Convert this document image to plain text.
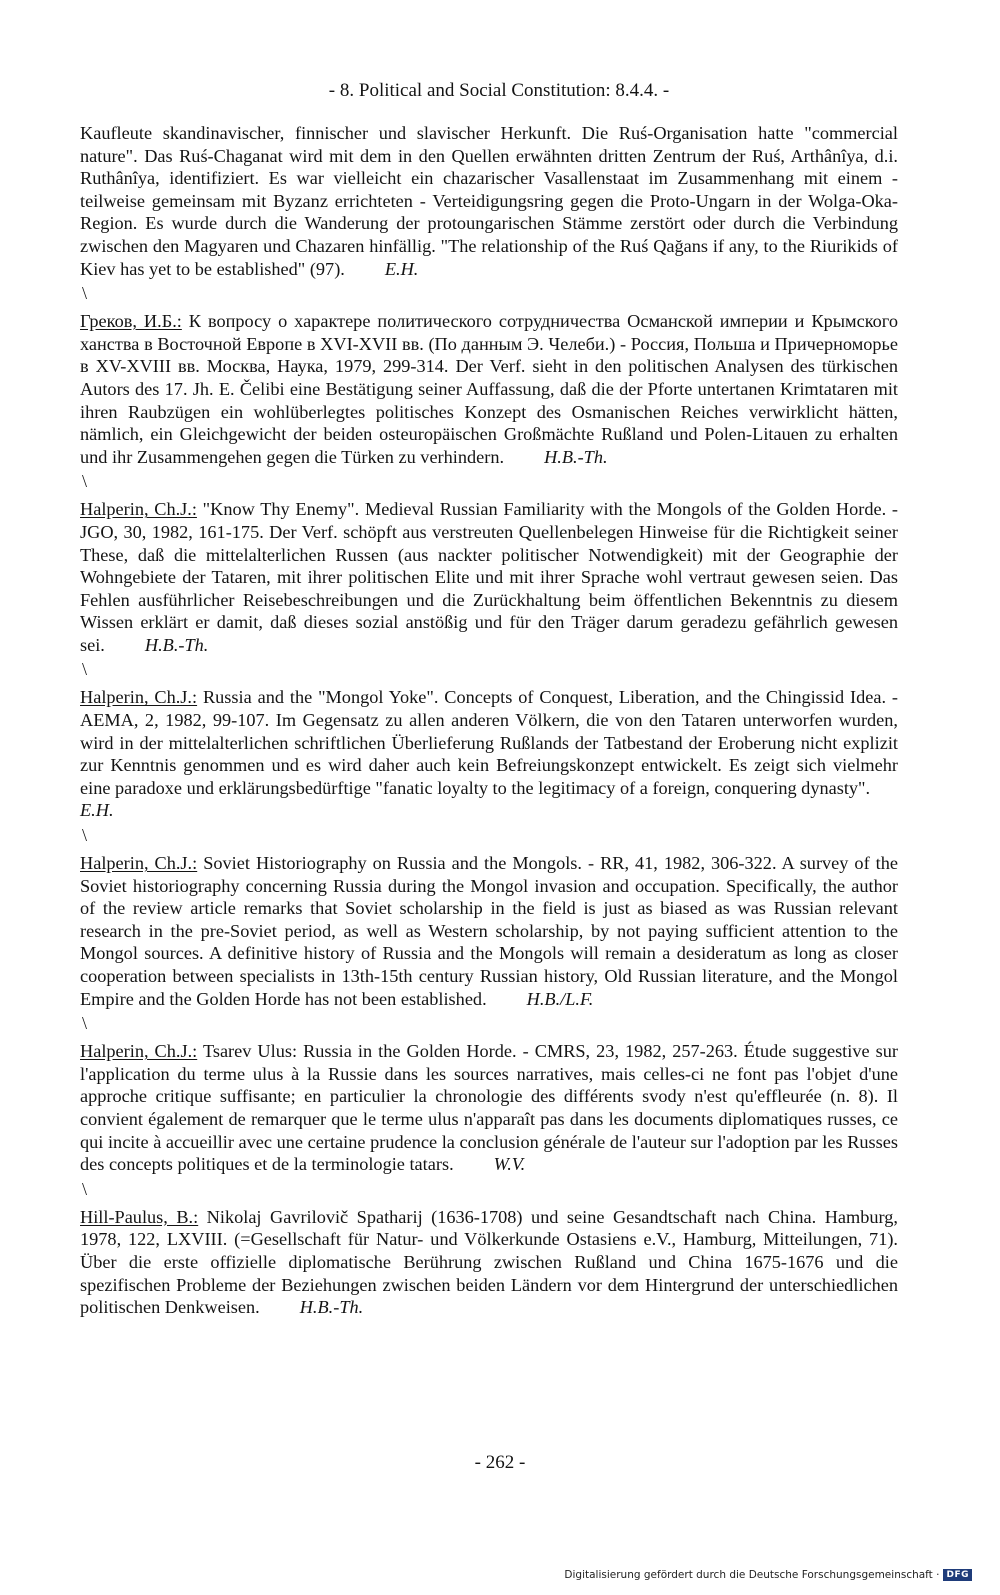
- 8. Political and Social Constitution: 8.4.4. -

Kaufleute skandinavischer, finnischer und slavischer Herkunft. Die Ruś-Organisation hatte "commercial nature". Das Ruś-Chaganat wird mit dem in den Quellen erwähnten dritten Zentrum der Ruś, Arthânîya, d.i. Ruthânîya, identifiziert. Es war vielleicht ein chazarischer Vasallenstaat im Zusammenhang mit einem - teilweise gemeinsam mit Byzanz errichteten - Verteidigungsring gegen die Proto-Ungarn in der Wolga-Oka-Region. Es wurde durch die Wanderung der protoungarischen Stämme zerstört oder durch die Verbindung zwischen den Magyaren und Chazaren hinfällig. "The relationship of the Ruś Qağans if any, to the Riurikids of Kiev has yet to be established" (97). E.H.

\

Греков, И.Б.: К вопросу о характере политического сотрудничества Османской империи и Крымского ханства в Восточной Европе в XVI-XVII вв. (По данным Э. Челеби.) - Россия, Польша и Причерноморье в XV-XVIII вв. Москва, Наука, 1979, 299-314. Der Verf. sieht in den politischen Analysen des türkischen Autors des 17. Jh. E. Čelibi eine Bestätigung seiner Auffassung, daß die der Pforte untertanen Krimtataren mit ihren Raubzügen ein wohlüberlegtes politisches Konzept des Osmanischen Reiches verwirklicht hätten, nämlich, ein Gleichgewicht der beiden osteuropäischen Großmächte Rußland und Polen-Litauen zu erhalten und ihr Zusammengehen gegen die Türken zu verhindern. H.B.-Th.

\

Halperin, Ch.J.: "Know Thy Enemy". Medieval Russian Familiarity with the Mongols of the Golden Horde. - JGO, 30, 1982, 161-175. Der Verf. schöpft aus verstreuten Quellenbelegen Hinweise für die Richtigkeit seiner These, daß die mittelalterlichen Russen (aus nackter politischer Notwendigkeit) mit der Geographie der Wohngebiete der Tataren, mit ihrer politischen Elite und mit ihrer Sprache wohl vertraut gewesen seien. Das Fehlen ausführlicher Reisebeschreibungen und die Zurückhaltung beim öffentlichen Bekenntnis zu diesem Wissen erklärt er damit, daß dieses sozial anstößig und für den Träger darum geradezu gefährlich gewesen sei. H.B.-Th.

\

Halperin, Ch.J.: Russia and the "Mongol Yoke". Concepts of Conquest, Liberation, and the Chingissid Idea. - AEMA, 2, 1982, 99-107. Im Gegensatz zu allen anderen Völkern, die von den Tataren unterworfen wurden, wird in der mittelalterlichen schriftlichen Überlieferung Rußlands der Tatbestand der Eroberung nicht explizit zur Kenntnis genommen und es wird daher auch kein Befreiungskonzept entwickelt. Es zeigt sich vielmehr eine paradoxe und erklärungsbedürftige "fanatic loyalty to the legitimacy of a foreign, conquering dynasty".
E.H.

\

Halperin, Ch.J.: Soviet Historiography on Russia and the Mongols. - RR, 41, 1982, 306-322. A survey of the Soviet historiography concerning Russia during the Mongol invasion and occupation. Specifically, the author of the review article remarks that Soviet scholarship in the field is just as biased as was Russian relevant research in the pre-Soviet period, as well as Western scholarship, by not paying sufficient attention to the Mongol sources. A definitive history of Russia and the Mongols will remain a desideratum as long as closer cooperation between specialists in 13th-15th century Russian history, Old Russian literature, and the Mongol Empire and the Golden Horde has not been established. H.B./L.F.

\

Halperin, Ch.J.: Tsarev Ulus: Russia in the Golden Horde. - CMRS, 23, 1982, 257-263. Étude suggestive sur l'application du terme ulus à la Russie dans les sources narratives, mais celles-ci ne font pas l'objet d'une approche critique suffisante; en particulier la chronologie des différents svody n'est qu'effleurée (n. 8). Il convient également de remarquer que le terme ulus n'apparaît pas dans les documents diplomatiques russes, ce qui incite à accueillir avec une certaine prudence la conclusion générale de l'auteur sur l'adoption par les Russes des concepts politiques et de la terminologie tatars. W.V.

\

Hill-Paulus, B.: Nikolaj Gavrilovič Spatharij (1636-1708) und seine Gesandtschaft nach China. Hamburg, 1978, 122, LXVIII. (=Gesellschaft für Natur- und Völkerkunde Ostasiens e.V., Hamburg, Mitteilungen, 71). Über die erste offizielle diplomatische Berührung zwischen Rußland und China 1675-1676 und die spezifischen Probleme der Beziehungen zwischen beiden Ländern vor dem Hintergrund der unterschiedlichen politischen Denkweisen. H.B.-Th.

- 262 -
Digitalisierung gefördert durch die Deutsche Forschungsgemeinschaft · DFG
